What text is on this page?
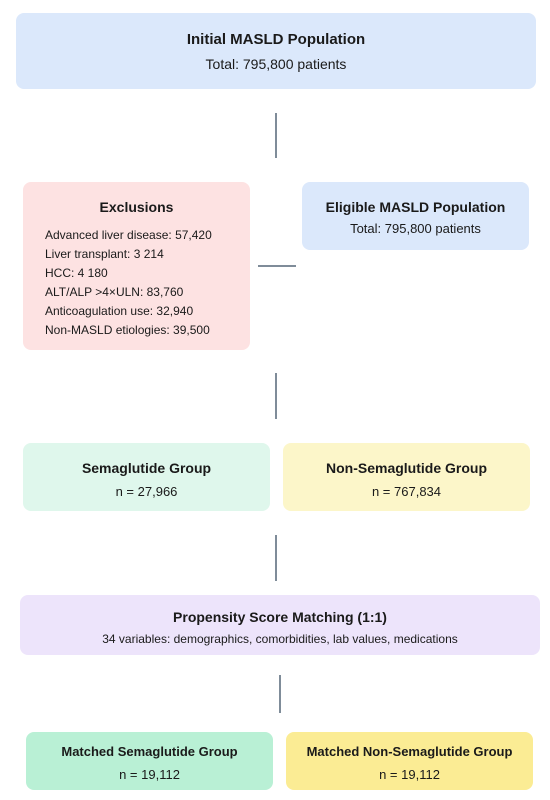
Initial MASLD Population
Total: 795,800 patients
Exclusions
Advanced liver disease: 57,420
Liver transplant: 3 214
HCC: 4 180
ALT/ALP >4×ULN: 83,760
Anticoagulation use: 32,940
Non-MASLD etiologies: 39,500
Eligible MASLD Population
Total: 795,800 patients
Semaglutide Group
n = 27,966
Non-Semaglutide Group
n = 767,834
Propensity Score Matching (1:1)
34 variables: demographics, comorbidities, lab values, medications
Matched Semaglutide Group
n = 19,112
Matched Non-Semaglutide Group
n = 19,112
